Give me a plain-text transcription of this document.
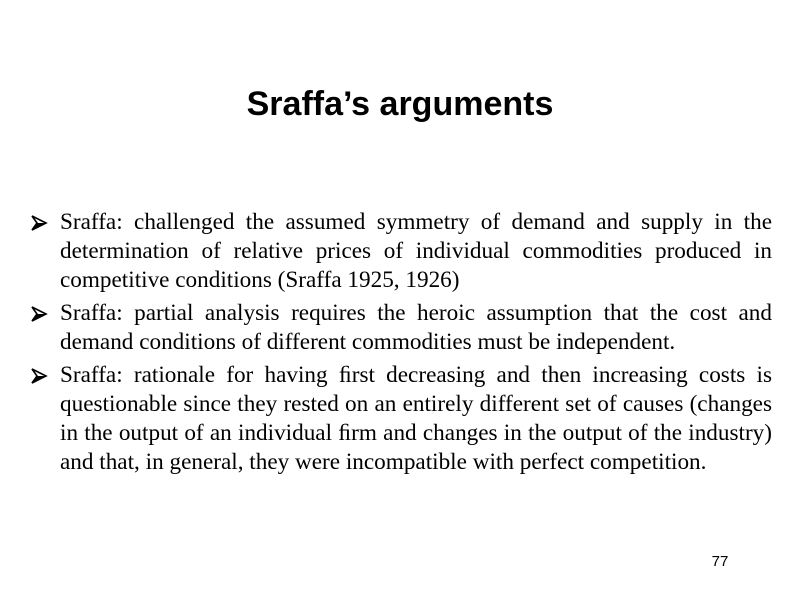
Sraffa’s arguments
Sraffa: challenged the assumed symmetry of demand and supply in the determination of relative prices of individual commodities produced in competitive conditions (Sraffa 1925, 1926)
Sraffa: partial analysis requires the heroic assumption that the cost and demand conditions of different commodities must be independent.
Sraffa: rationale for having ﬁrst decreasing and then increasing costs is questionable since they rested on an entirely different set of causes (changes in the output of an individual ﬁrm and changes in the output of the industry) and that, in general, they were incompatible with perfect competition.
77
